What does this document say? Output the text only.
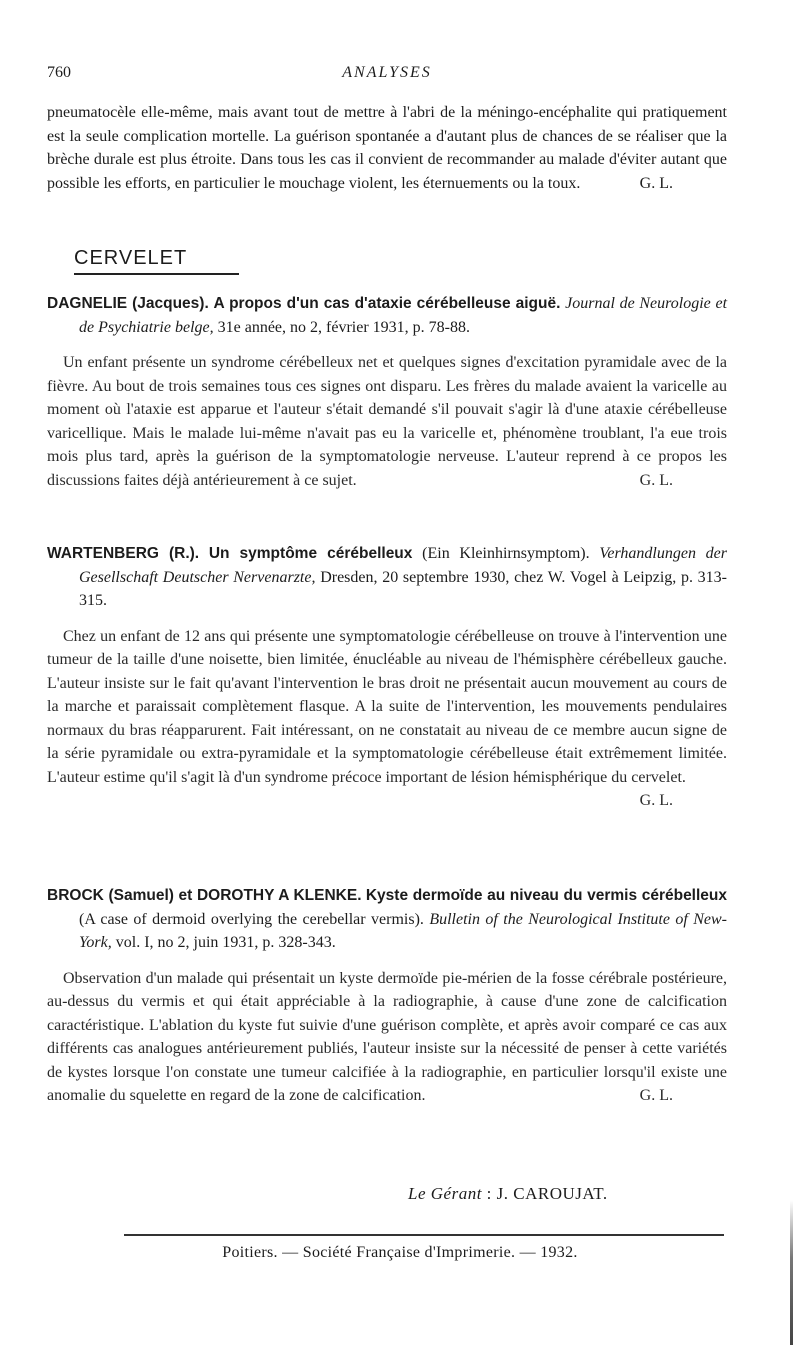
760	ANALYSES

pneumatocèle elle-même, mais avant tout de mettre à l'abri de la méningo-encéphalite qui pratiquement est la seule complication mortelle. La guérison spontanée a d'autant plus de chances de se réaliser que la brèche durale est plus étroite. Dans tous les cas il convient de recommander au malade d'éviter autant que possible les efforts, en particulier le mouchage violent, les éternuements ou la toux.	G. L.

CERVELET

DAGNELIE (Jacques). A propos d'un cas d'ataxie cérébelleuse aiguë. Journal de Neurologie et de Psychiatrie belge, 31e année, no 2, février 1931, p. 78-88.

Un enfant présente un syndrome cérébelleux net et quelques signes d'excitation pyramidale avec de la fièvre. Au bout de trois semaines tous ces signes ont disparu. Les frères du malade avaient la varicelle au moment où l'ataxie est apparue et l'auteur s'était demandé s'il pouvait s'agir là d'une ataxie cérébelleuse varicellique. Mais le malade lui-même n'avait pas eu la varicelle et, phénomène troublant, l'a eue trois mois plus tard, après la guérison de la symptomatologie nerveuse. L'auteur reprend à ce propos les discussions faites déjà antérieurement à ce sujet.	G. L.

WARTENBERG (R.). Un symptôme cérébelleux (Ein Kleinhirnsymptom). Verhandlungen der Gesellschaft Deutscher Nervenarzte, Dresden, 20 septembre 1930, chez W. Vogel à Leipzig, p. 313-315.

Chez un enfant de 12 ans qui présente une symptomatologie cérébelleuse on trouve à l'intervention une tumeur de la taille d'une noisette, bien limitée, énucléable au niveau de l'hémisphère cérébelleux gauche. L'auteur insiste sur le fait qu'avant l'intervention le bras droit ne présentait aucun mouvement au cours de la marche et paraissait complètement flasque. A la suite de l'intervention, les mouvements pendulaires normaux du bras réapparurent. Fait intéressant, on ne constatait au niveau de ce membre aucun signe de la série pyramidale ou extra-pyramidale et la symptomatologie cérébelleuse était extrêmement limitée. L'auteur estime qu'il s'agit là d'un syndrome précoce important de lésion hémisphérique du cervelet.
G. L.

BROCK (Samuel) et DOROTHY A KLENKE. Kyste dermoïde au niveau du vermis cérébelleux (A case of dermoid overlying the cerebellar vermis). Bulletin of the Neurological Institute of New-York, vol. I, no 2, juin 1931, p. 328-343.

Observation d'un malade qui présentait un kyste dermoïde pie-mérien de la fosse cérébrale postérieure, au-dessus du vermis et qui était appréciable à la radiographie, à cause d'une zone de calcification caractéristique. L'ablation du kyste fut suivie d'une guérison complète, et après avoir comparé ce cas aux différents cas analogues antérieurement publiés, l'auteur insiste sur la nécessité de penser à cette variétés de kystes lorsque l'on constate une tumeur calcifiée à la radiographie, en particulier lorsqu'il existe une anomalie du squelette en regard de la zone de calcification.	G. L.

Le Gérant : J. CAROUJAT.
Poitiers. — Société Française d'Imprimerie. — 1932.
